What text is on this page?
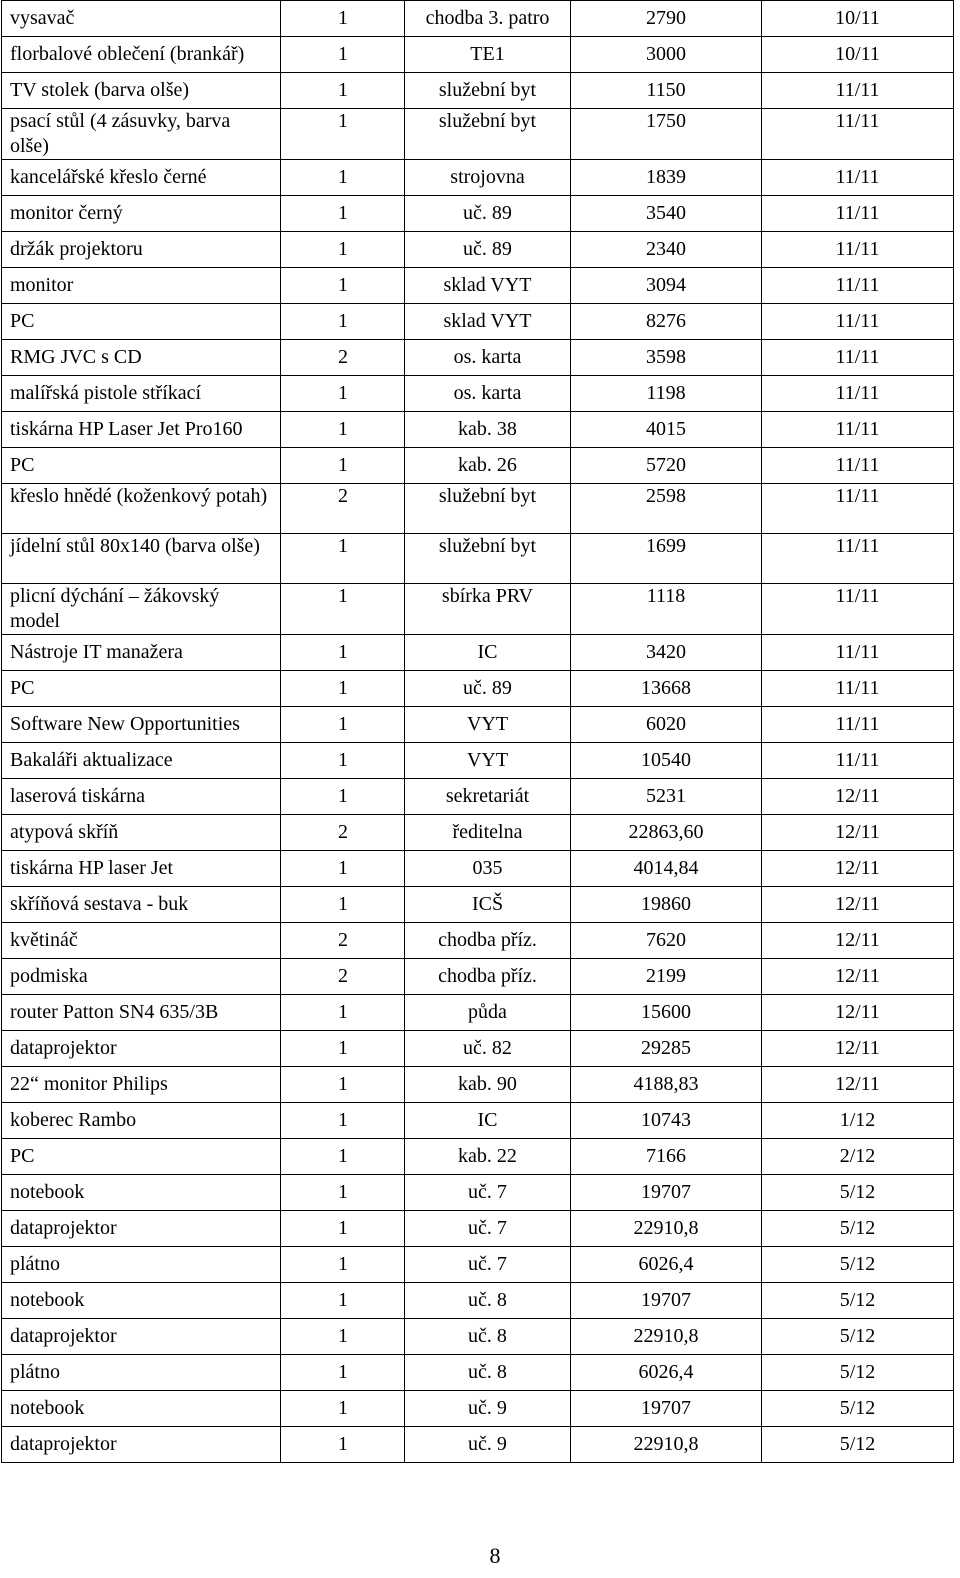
vysavač	1	chodba 3. patro	2790	10/11
florbalové oblečení (brankář)	1	TE1	3000	10/11
TV stolek (barva olše)	1	služební byt	1150	11/11
psací stůl (4 zásuvky, barva olše)	1	služební byt	1750	11/11
kancelářské křeslo černé	1	strojovna	1839	11/11
monitor černý	1	uč. 89	3540	11/11
držák projektoru	1	uč. 89	2340	11/11
monitor	1	sklad VYT	3094	11/11
PC	1	sklad VYT	8276	11/11
RMG JVC s CD	2	os. karta	3598	11/11
malířská pistole stříkací	1	os. karta	1198	11/11
tiskárna HP Laser Jet Pro160	1	kab. 38	4015	11/11
PC	1	kab. 26	5720	11/11
křeslo hnědé (koženkový potah)	2	služební byt	2598	11/11
jídelní stůl 80x140 (barva olše)	1	služební byt	1699	11/11
plicní dýchání – žákovský model	1	sbírka PRV	1118	11/11
Nástroje IT manažera	1	IC	3420	11/11
PC	1	uč. 89	13668	11/11
Software New Opportunities	1	VYT	6020	11/11
Bakaláři aktualizace	1	VYT	10540	11/11
laserová tiskárna	1	sekretariát	5231	12/11
atypová skříň	2	ředitelna	22863,60	12/11
tiskárna HP laser Jet	1	035	4014,84	12/11
skříňová sestava - buk	1	ICŠ	19860	12/11
květináč	2	chodba příz.	7620	12/11
podmiska	2	chodba příz.	2199	12/11
router Patton SN4 635/3B	1	půda	15600	12/11
dataprojektor	1	uč. 82	29285	12/11
22“ monitor Philips	1	kab. 90	4188,83	12/11
koberec Rambo	1	IC	10743	1/12
PC	1	kab. 22	7166	2/12
notebook	1	uč. 7	19707	5/12
dataprojektor	1	uč. 7	22910,8	5/12
plátno	1	uč. 7	6026,4	5/12
notebook	1	uč. 8	19707	5/12
dataprojektor	1	uč. 8	22910,8	5/12
plátno	1	uč. 8	6026,4	5/12
notebook	1	uč. 9	19707	5/12
dataprojektor	1	uč. 9	22910,8	5/12
8
